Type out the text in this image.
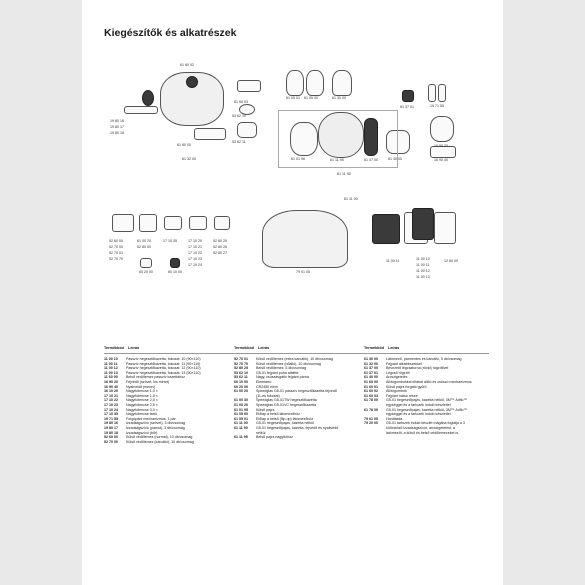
Kiegészítők és alkatrészek
61 60 02
19 80 16
19 80 17
19 80 18
61 60 03
53 62 10
53 62 11
61 60 00
61 32 00
61 05 01 61 05 00	61 30 00
61 37 01	19 71 55
61 01 96	61 11 95	61 37 00	61 40 00
16 90 20
16 90 40
61 11 90
61 11 00
52 60 00
52 70 00
52 70 01
52 70 70
61 00 20
52 80 00
17 10 35	17 10 20
17 10 21
17 10 22
17 10 23
17 10 24
52 80 25
52 80 26
52 80 27
60 20 00	60 10 00	79 01 05
11 00 11	11 00 10
11 00 11
11 00 12
11 00 13
12 60 00
Termékkód Leírás	Termékkód Leírás	Termékkód Leírás
11 00 10	Passzív hegesztőkazetta, fokozat: 10 (90×110)
11 00 11	Passzív hegesztőkazetta, fokozat: 11 (90×110)
11 00 12	Passzív hegesztőkazetta, fokozat: 12 (90×110)
11 00 13	Passzív hegesztőkazetta, fokozat: 13 (90×110)
11 60 00	Belső védőlemez passzív kazettához
16 90 20	Fejvédő (szövet, kis méret)
16 90 40	Nyakvédő (merev)
16 10 20	Nagyítólencse 1,0 ×
17 10 21	Nagyítólencse 1,5 ×
17 10 22	Nagyítólencse 2,0 ×
17 10 23	Nagyítólencse 2,5 ×
17 10 24	Nagyítólencse 3,0 ×
17 10 35	Nagyítólencse tartó
19 71 55	Forgópánt mechanizmus, 1 pár
19 80 16	Izzadságszívó (szövet), 3 db/csomag
19 80 17	Izzadságszívó (pamut), 3 db/csomag
19 80 18	Izzadságszívó (bőr)
52 60 00	Külső védőlemez (normál), 10 db/csomag
52 70 00	Külső védőlemez (karcálló), 10 db/csomag
52 70 01	Külső védőlemez (extra karcálló), 10 db/csomag
52 70 70	Külső védőlemez (hőálló), 10 db/csomag
52 80 25	Belső védőlemez, 5 db/csomag
53 62 10	G5-01 fejpánt puha alátéte
53 62 11	Nagy, csúszásgátló fejpánt párna
60 10 00	Elemtartó
60 20 00	CR2450 elem
61 00 20	Speedglas G5-01 passzív hegesztőkazetta fejvédő (11-es fokozat)
61 00 30	Speedglas G5-01TW hegesztőkazetta
61 00 20	Speedglas G5-01VC hegesztőkazetta
61 01 95	Külső pajzs
61 05 00	Előlap a belső látómezőhöz
61 05 01	Előlap a belső (flip-up) látómezőhöz
61 11 00	G5-01 hegesztőpajzs, kazetta nélkül
61 11 90	G5-01 hegesztőpajzs, kazetta, fejvédő és nyakvédő nélkül
61 11 95	Belső pajzs nagyítóhoz
61 30 00	Látómező, pármentes és karcálló, 5 db/csomag
61 32 00	Fejpánt alkatrészekkel
61 37 00	Bevezető légcsatorna (rövid) rögzítővel
61 37 01	Légcső rögzítő
61 40 00	Arcszigetelés
61 60 00	Állítógombokkal ellátott állító és csúszó mechanizmus
61 60 01	Külső pajzs forgató gyűrű
61 60 02	Állítógombok
61 60 03	Fejpánt hátsó része
61 78 00	G5-01 hegesztőpajzs, kazetta nélkül, 3M™ Adflo™ egységgel és a tartozék induló készlettel
61 78 09	G5-01 hegesztőpajzs, kazetta nélkül, 3M™ Adflo™ egységgel és a tartozék induló készlettel
79 01 05	Hordtáska
79 20 00	G5-01 tartozék induló készlet magába foglalja a 3 különböző izzadságszívót, arcszigetelést, a látómezőt, a külső és belső védőlemezeket is.
